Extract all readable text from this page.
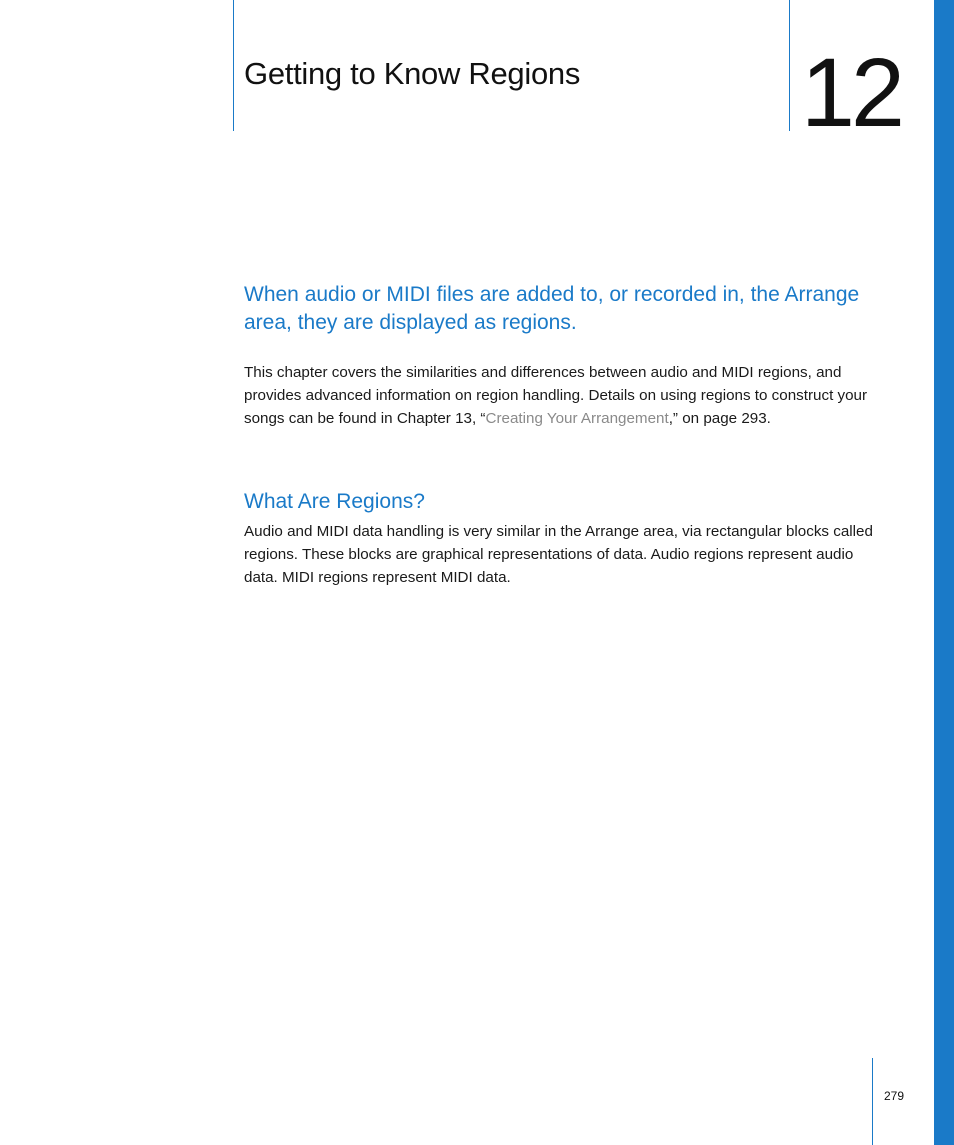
Getting to Know Regions 12
When audio or MIDI files are added to, or recorded in, the Arrange area, they are displayed as regions.

This chapter covers the similarities and differences between audio and MIDI regions, and provides advanced information on region handling. Details on using regions to construct your songs can be found in Chapter 13, “Creating Your Arrangement,” on page 293.

What Are Regions?

Audio and MIDI data handling is very similar in the Arrange area, via rectangular blocks called regions. These blocks are graphical representations of data. Audio regions represent audio data. MIDI regions represent MIDI data.

279
